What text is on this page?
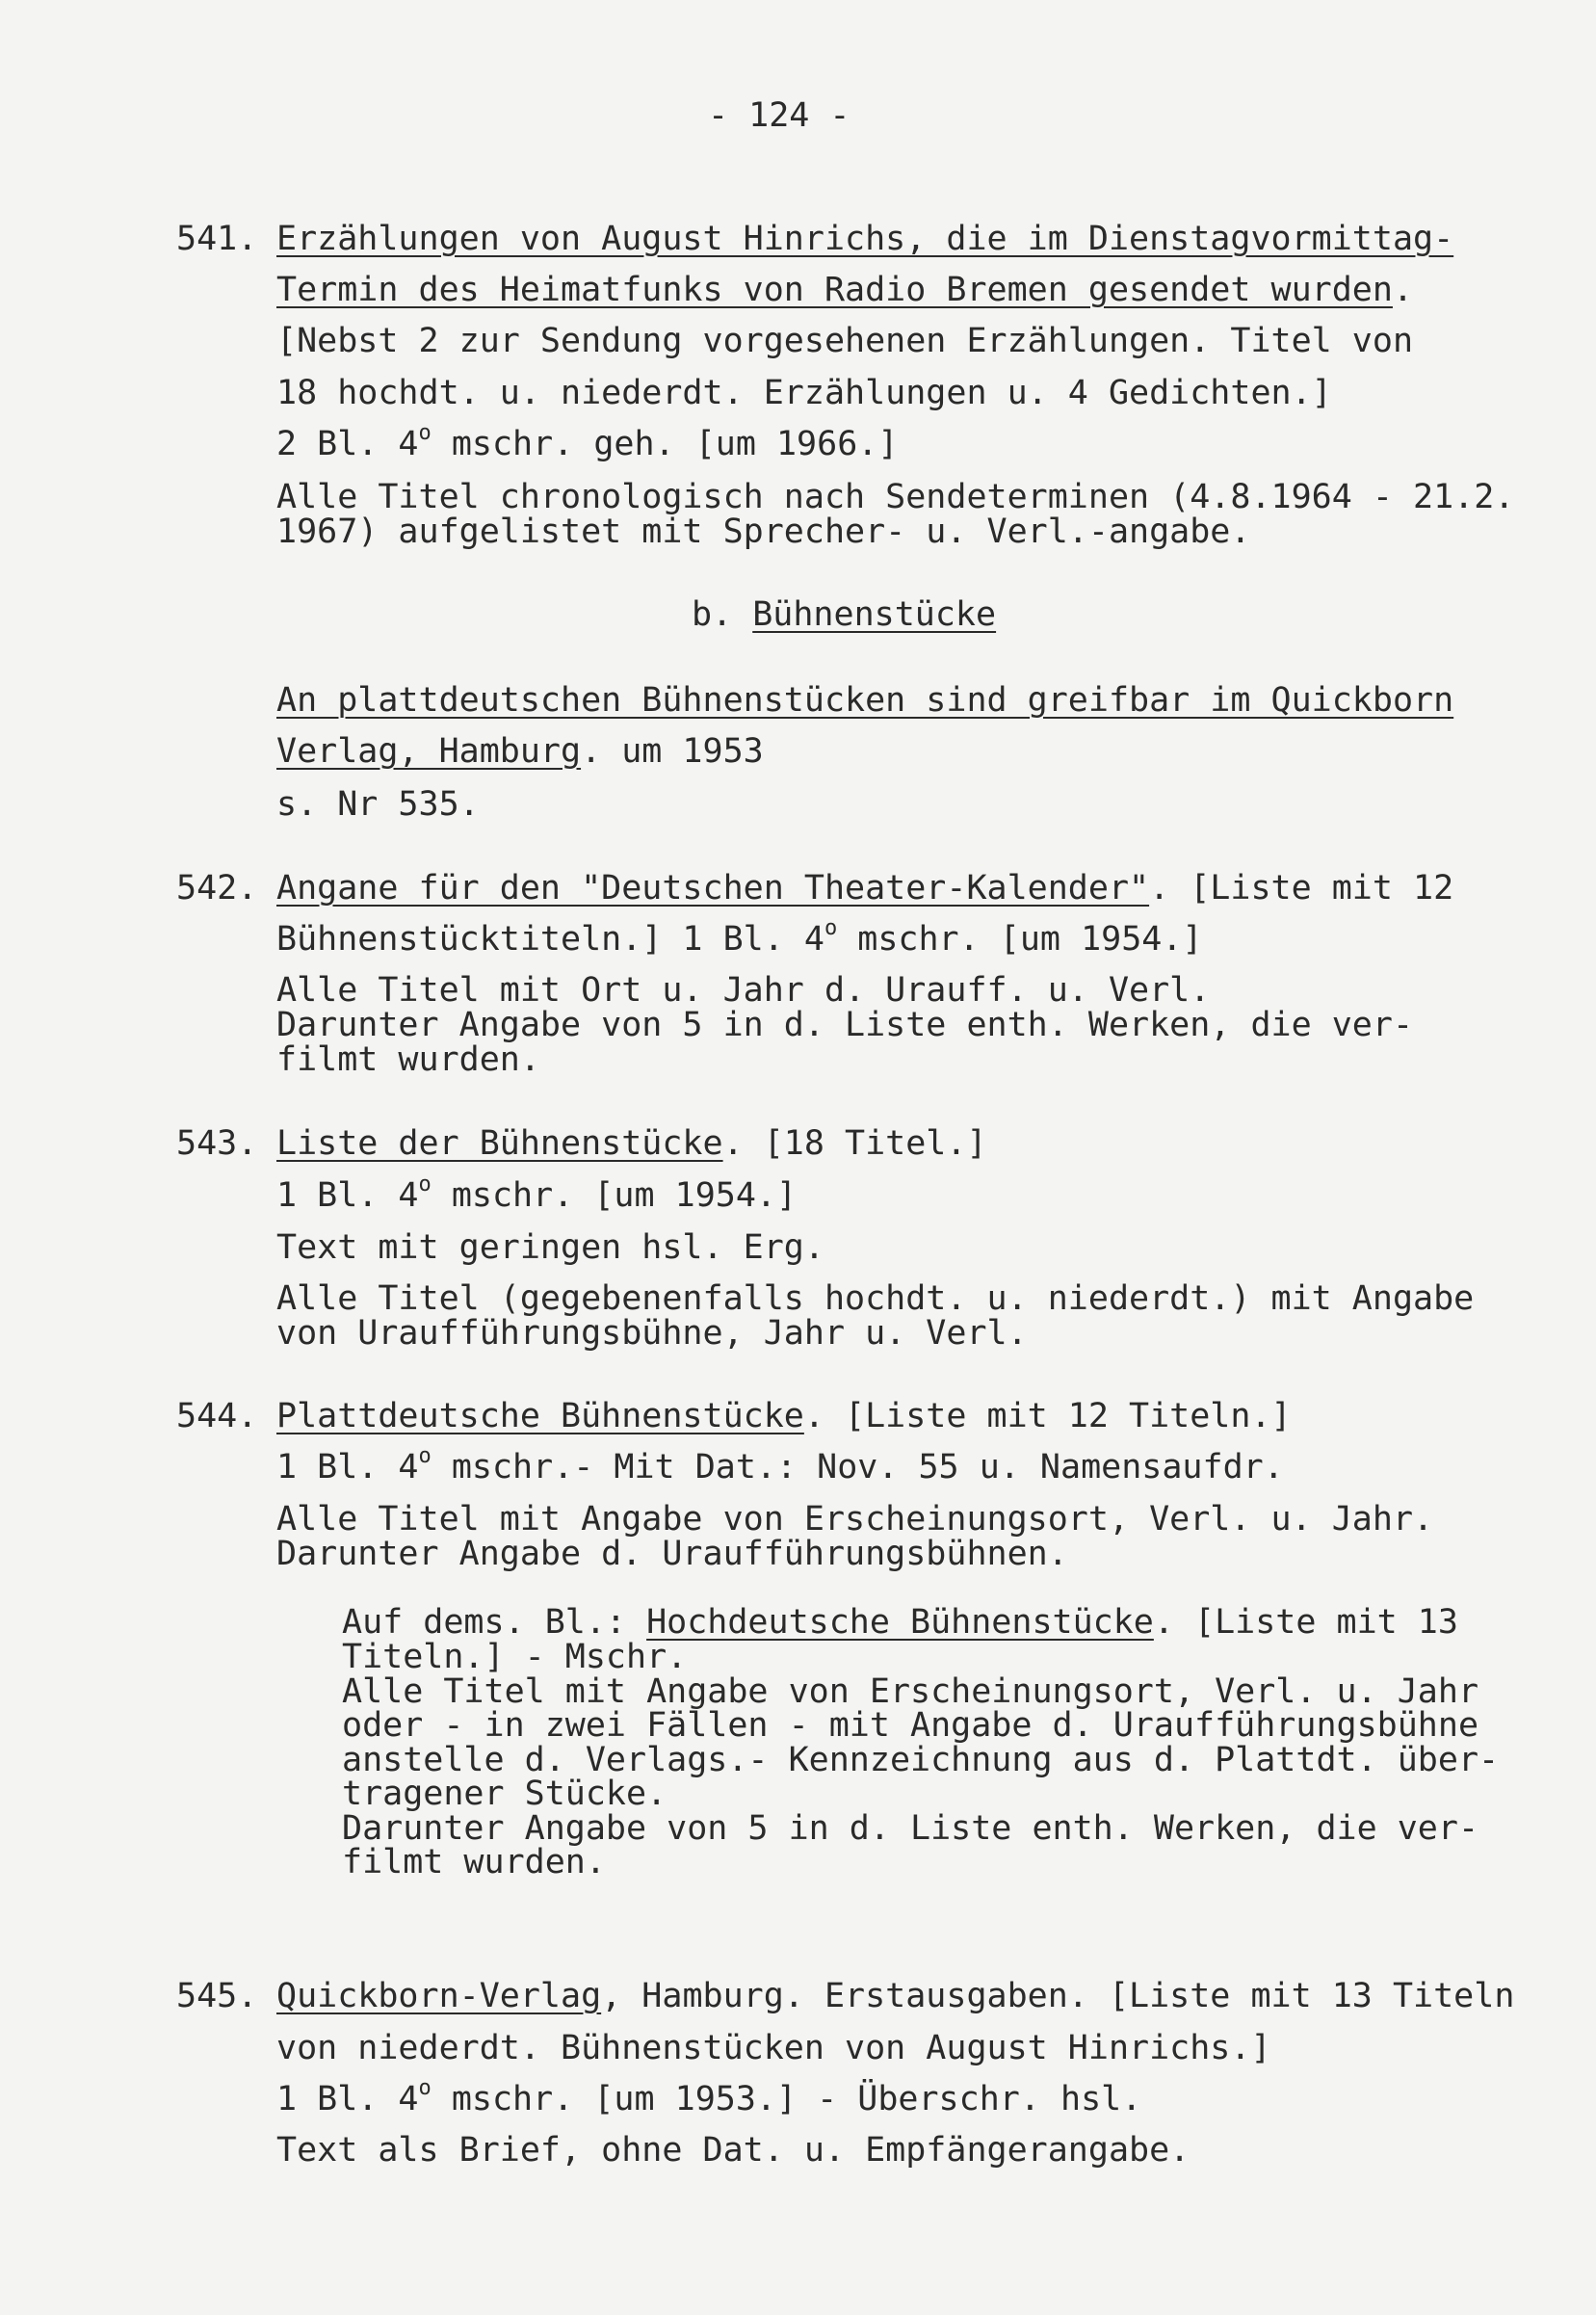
- 124 -
541. Erzählungen von August Hinrichs, die im Dienstagvormittag-
Termin des Heimatfunks von Radio Bremen gesendet wurden.
[Nebst 2 zur Sendung vorgesehenen Erzählungen. Titel von
18 hochdt. u. niederdt. Erzählungen u. 4 Gedichten.]
2 Bl. 4$^o$ mschr. geh. [um 1966.]
Alle Titel chronologisch nach Sendeterminen (4.8.1964 - 21.2.
1967) aufgelistet mit Sprecher- u. Verl.-angabe.
b. Bühnenstücke
An plattdeutschen Bühnenstücken sind greifbar im Quickborn
Verlag, Hamburg. um 1953
s. Nr 535.
542. Angane für den "Deutschen Theater-Kalender". [Liste mit 12
Bühnenstücktiteln.] 1 Bl. 4$^o$ mschr. [um 1954.]
Alle Titel mit Ort u. Jahr d. Urauff. u. Verl.
Darunter Angabe von 5 in d. Liste enth. Werken, die ver-
filmt wurden.
543. Liste der Bühnenstücke. [18 Titel.]
1 Bl. 4$^o$ mschr. [um 1954.]
Text mit geringen hsl. Erg.
Alle Titel (gegebenenfalls hochdt. u. niederdt.) mit Angabe
von Uraufführungsbühne, Jahr u. Verl.
544. Plattdeutsche Bühnenstücke. [Liste mit 12 Titeln.]
1 Bl. 4$^o$ mschr.- Mit Dat.: Nov. 55 u. Namensaufdr.
Alle Titel mit Angabe von Erscheinungsort, Verl. u. Jahr.
Darunter Angabe d. Uraufführungsbühnen.
Auf dems. Bl.: Hochdeutsche Bühnenstücke. [Liste mit 13
Titeln.] - Mschr.
Alle Titel mit Angabe von Erscheinungsort, Verl. u. Jahr
oder - in zwei Fällen - mit Angabe d. Uraufführungsbühne
anstelle d. Verlags.- Kennzeichnung aus d. Plattdt. über-
tragener Stücke.
Darunter Angabe von 5 in d. Liste enth. Werken, die ver-
filmt wurden.
545. Quickborn-Verlag, Hamburg. Erstausgaben. [Liste mit 13 Titeln
von niederdt. Bühnenstücken von August Hinrichs.]
1 Bl. 4$^o$ mschr. [um 1953.] - Überschr. hsl.
Text als Brief, ohne Dat. u. Empfängerangabe.
